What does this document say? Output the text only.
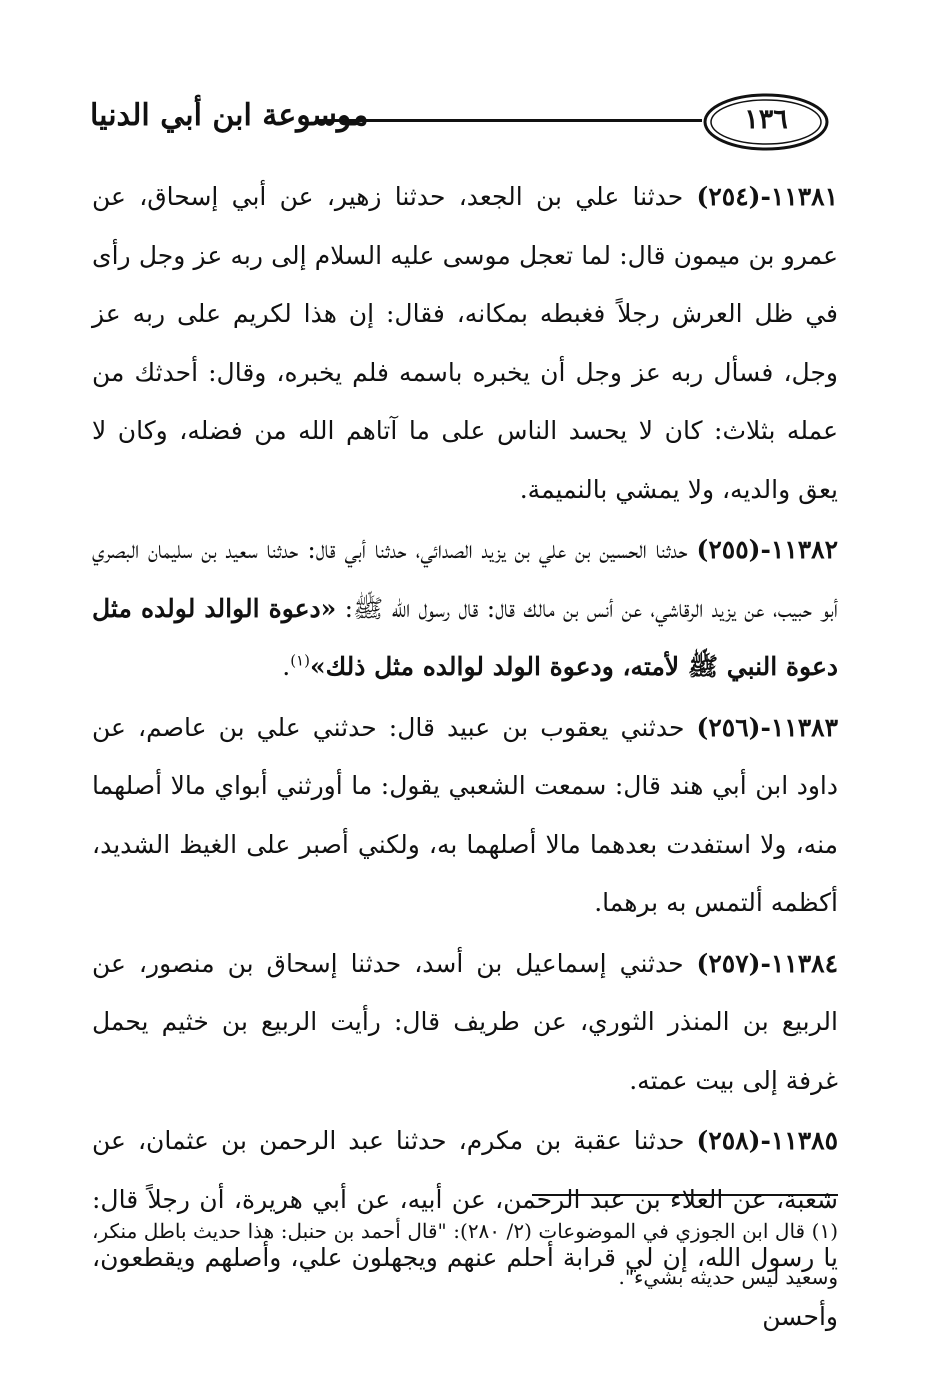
موسوعة ابن أبي الدنيا	١٣٦

١١٣٨١-(٢٥٤) حدثنا علي بن الجعد، حدثنا زهير، عن أبي إسحاق، عن عمرو بن ميمون قال: لما تعجل موسى عليه السلام إلى ربه عز وجل رأى في ظل العرش رجلاً فغبطه بمكانه، فقال: إن هذا لكريم على ربه عز وجل، فسأل ربه عز وجل أن يخبره باسمه فلم يخبره، وقال: أحدثك من عمله بثلاث: كان لا يحسد الناس على ما آتاهم الله من فضله، وكان لا يعق والديه، ولا يمشي بالنميمة.

١١٣٨٢-(٢٥٥) حدثنا الحسين بن علي بن يزيد الصدائي، حدثنا أبي قال: حدثنا سعيد بن سليمان البصري أبو حبيب، عن يزيد الرقاشي، عن أنس بن مالك قال: قال رسول الله ﷺ: «دعوة الوالد لولده مثل دعوة النبي ﷺ لأمته، ودعوة الولد لوالده مثل ذلك»$^{(١)}$.

١١٣٨٣-(٢٥٦) حدثني يعقوب بن عبيد قال: حدثني علي بن عاصم، عن داود ابن أبي هند قال: سمعت الشعبي يقول: ما أورثني أبواي مالا أصلهما منه، ولا استفدت بعدهما مالا أصلهما به، ولكني أصبر على الغيظ الشديد، أكظمه ألتمس به برهما.

١١٣٨٤-(٢٥٧) حدثني إسماعيل بن أسد، حدثنا إسحاق بن منصور، عن الربيع بن المنذر الثوري، عن طريف قال: رأيت الربيع بن خثيم يحمل غرفة إلى بيت عمته.

١١٣٨٥-(٢٥٨) حدثنا عقبة بن مكرم، حدثنا عبد الرحمن بن عثمان، عن شعبة، عن العلاء بن عبد الرحمن، عن أبيه، عن أبي هريرة، أن رجلاً قال: يا رسول الله، إن لي قرابة أحلم عنهم ويجهلون علي، وأصلهم ويقطعون، وأحسن

(١) قال ابن الجوزي في الموضوعات (٢/ ٢٨٠): "قال أحمد بن حنبل: هذا حديث باطل منكر، وسعيد ليس حديثه بشيء".
